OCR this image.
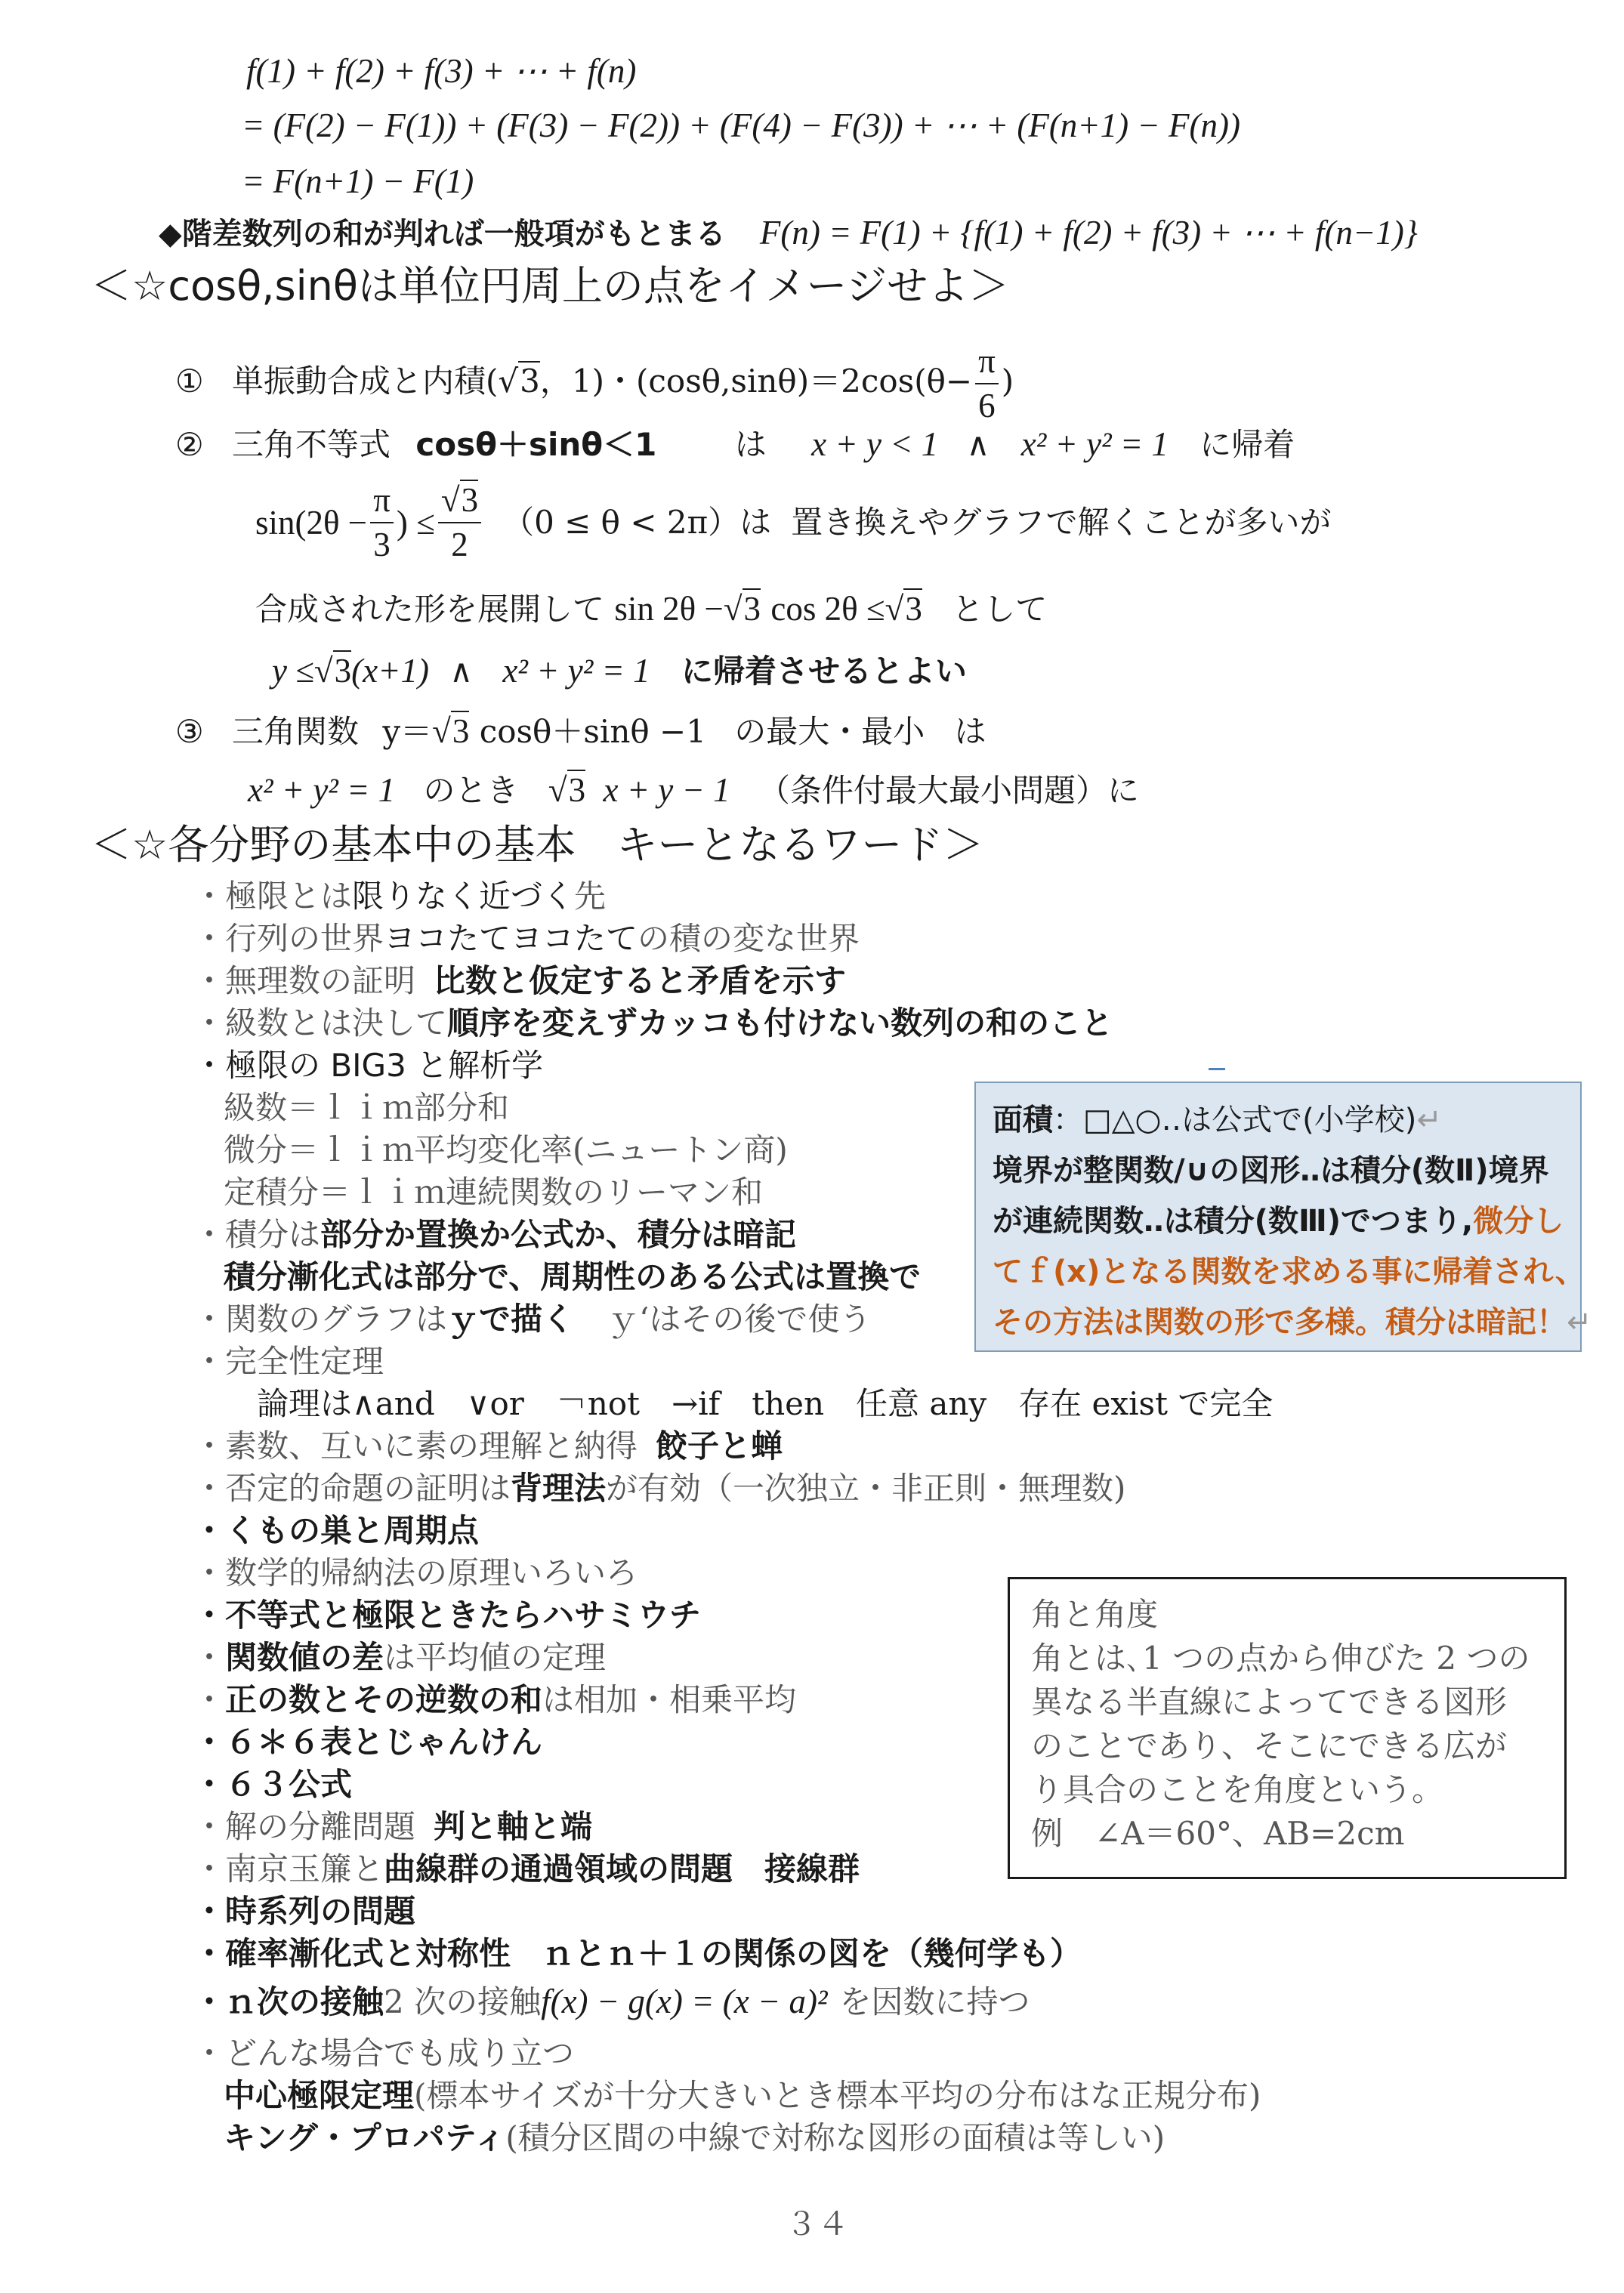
f(1) + f(2) + f(3) + ⋯ + f(n)
= (F(2) − F(1)) + (F(3) − F(2)) + (F(4) − F(3)) + ⋯ + (F(n+1) − F(n))
= F(n+1) − F(1)
◆階差数列の和が判れば一般項がもとまる F(n) = F(1) + {f(1) + f(2) + f(3) + ⋯ + f(n−1)}
＜☆cosθ,sinθは単位円周上の点をイメージせよ＞
① 単振動合成と内積(√3，1)・$(\cos\theta,\sin\theta)=2\cos(\theta- \frac{\pi}{6}$ )
② 三角不等式 cosθ＋sinθ＜1 は x + y < 1 ∧ x² + y² = 1 に帰着
$\sin(2\theta - \frac{\pi}{3}$ ) ≤ $\frac{√3}{2} (0 \le \theta < 2\pi)$は 置き換えやグラフで解くことが多いが
合成された形を展開して sin 2θ −√3 cos 2θ ≤√3 として
y ≤√3(x+1) ∧ x² + y² = 1 に帰着させるとよい
③ 三角関数 y＝√3 cosθ＋sinθ −1 の最大・最小 は
x² + y² = 1 のとき √3 x + y − 1 （条件付最大最小問題）に
＜☆各分野の基本中の基本　キーとなるワード＞
・極限とは限りなく近づく先
・行列の世界ヨコたてヨコたての積の変な世界
・無理数の証明 比数と仮定すると矛盾を示す
・級数とは決して順序を変えずカッコも付けない数列の和のこと
・極限の BIG3 と解析学
級数＝ｌｉｍ部分和
微分＝ｌｉｍ平均変化率(ニュートン商)
定積分＝ｌｉｍ連続関数のリーマン和
・積分は部分か置換か公式か、積分は暗記
積分漸化式は部分で、周期性のある公式は置換で
・関数のグラフはｙで描く ｙ‘はその後で使う
・完全性定理
論理は∧and　∨or　￢not　→if　then　任意 any　存在 exist で完全
・素数、互いに素の理解と納得 餃子と蝉
・否定的命題の証明は背理法が有効（一次独立・非正則・無理数)
・くもの巣と周期点
・数学的帰納法の原理いろいろ
・不等式と極限ときたらハサミウチ
・関数値の差は平均値の定理
・正の数とその逆数の和は相加・相乗平均
・６＊６表とじゃんけん
・６３公式
・解の分離問題 判と軸と端
・南京玉簾と曲線群の通過領域の問題　接線群
・時系列の問題
・確率漸化式と対称性　ｎとｎ＋１の関係の図を（幾何学も）
・ｎ次の接触2 次の接触f(x) − g(x) = (x − a)² を因数に持つ
・どんな場合でも成り立つ
中心極限定理(標本サイズが十分大きいとき標本平均の分布はな正規分布)
キング・プロパティ(積分区間の中線で対称な図形の面積は等しい)
面積：□△○‥は公式で(小学校)↵
境界が整関数/∪の図形‥は積分(数Ⅱ)境界
が連続関数‥は積分(数Ⅲ)でつまり,微分し
てｆ(x)となる関数を求める事に帰着され、
その方法は関数の形で多様。積分は暗記！↵
角と角度
角とは､1 つの点から伸びた 2 つの
異なる半直線によってできる図形
のことであり、そこにできる広が
り具合のことを角度という。
例　∠A＝60°、AB=2cm
３４
